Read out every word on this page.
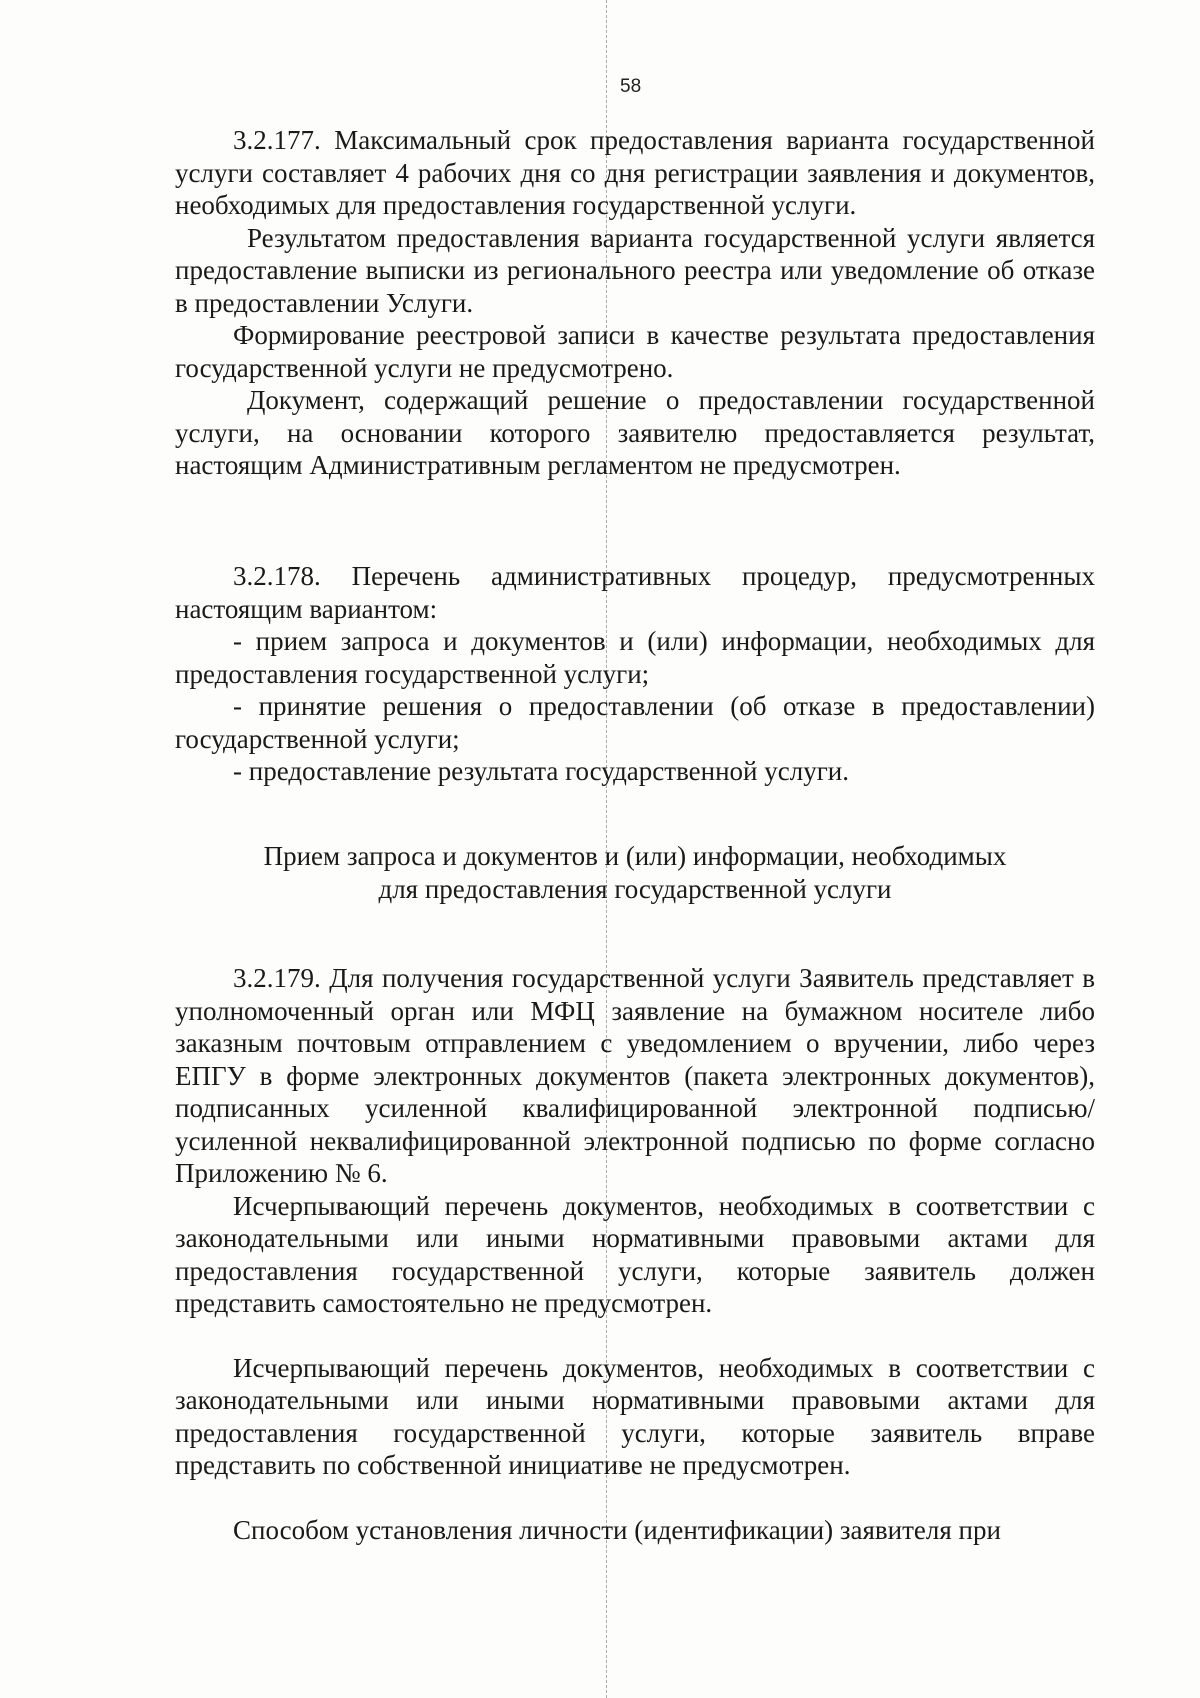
58

3.2.177. Максимальный срок предоставления варианта государственной услуги составляет 4 рабочих дня со дня регистрации заявления и документов, необходимых для предоставления государственной услуги.

Результатом предоставления варианта государственной услуги является предоставление выписки из регионального реестра или уведомление об отказе в предоставлении Услуги.

Формирование реестровой записи в качестве результата предоставления государственной услуги не предусмотрено.

Документ, содержащий решение о предоставлении государственной услуги, на основании которого заявителю предоставляется результат, настоящим Административным регламентом не предусмотрен.

3.2.178. Перечень административных процедур, предусмотренных настоящим вариантом:

- прием запроса и документов и (или) информации, необходимых для предоставления государственной услуги;

- принятие решения о предоставлении (об отказе в предоставлении) государственной услуги;

- предоставление результата государственной услуги.

Прием запроса и документов и (или) информации, необходимых
для предоставления государственной услуги

3.2.179. Для получения государственной услуги Заявитель представляет в уполномоченный орган или МФЦ заявление на бумажном носителе либо заказным почтовым отправлением с уведомлением о вручении, либо через ЕПГУ в форме электронных документов (пакета электронных документов), подписанных усиленной квалифицированной электронной подписью/усиленной неквалифицированной электронной подписью по форме согласно Приложению № 6.

Исчерпывающий перечень документов, необходимых в соответствии с законодательными или иными нормативными правовыми актами для предоставления государственной услуги, которые заявитель должен представить самостоятельно не предусмотрен.

Исчерпывающий перечень документов, необходимых в соответствии с законодательными или иными нормативными правовыми актами для предоставления государственной услуги, которые заявитель вправе представить по собственной инициативе не предусмотрен.

Способом установления личности (идентификации) заявителя при
